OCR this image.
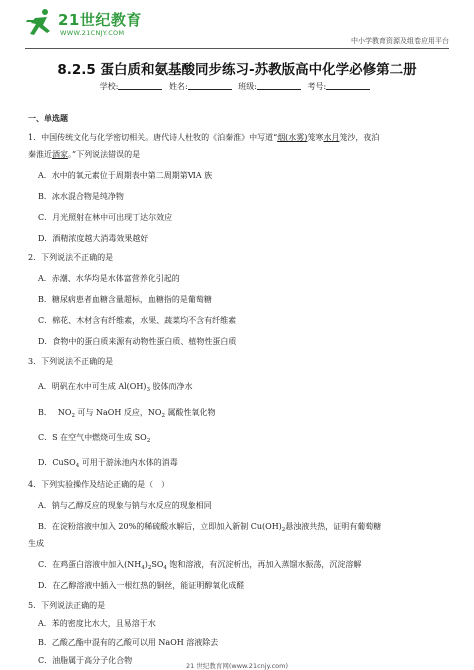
21世纪教育
WWW.21CNJY.COM
中小学教育资源及组卷应用平台
8.2.5 蛋白质和氨基酸同步练习-苏教版高中化学必修第二册
学校:	姓名:	班级:	考号:
一、单选题
1．中国传统文化与化学密切相关。唐代诗人杜牧的《泊秦淮》中写道“烟(水雾)笼寒水月笼沙，夜泊
秦淮近酒家。”下列说法错误的是
A．水中的氧元素位于周期表中第二周期第ⅥA 族
B．冰水混合物是纯净物
C．月光照射在林中可出现丁达尔效应
D．酒精浓度越大消毒效果越好
2．下列说法不正确的是
A．赤潮、水华均是水体富营养化引起的
B．糖尿病患者血糖含量超标，血糖指的是葡萄糖
C．棉花、木材含有纤维素，水果、蔬菜均不含有纤维素
D．食物中的蛋白质来源有动物性蛋白质、植物性蛋白质
3．下列说法不正确的是
A．明矾在水中可生成 $Al(OH)_3$ 胶体而净水
B． $NO_2$ 可与 NaOH 反应，$NO_2$ 属酸性氧化物
C．S 在空气中燃烧可生成 $SO_2$
D．CuSO$_4$ 可用于游泳池内水体的消毒
4．下列实验操作及结论正确的是（　）
A．钠与乙醇反应的现象与钠与水反应的现象相同
B．在淀粉溶液中加入 20%的稀硫酸水解后，立即加入新制 $Cu(OH)_2$悬浊液共热，证明有葡萄糖
生成
C．在鸡蛋白溶液中加入$(NH_4)_2SO_4$ 饱和溶液，有沉淀析出，再加入蒸馏水振荡，沉淀溶解
D．在乙醇溶液中插入一根红热的铜丝，能证明醇氧化成醛
5．下列说法正确的是
A．苯的密度比水大，且易溶于水
B．乙酸乙酯中混有的乙酸可以用 NaOH 溶液除去
C．油脂属于高分子化合物
21 世纪教育网(www.21cnjy.com)
